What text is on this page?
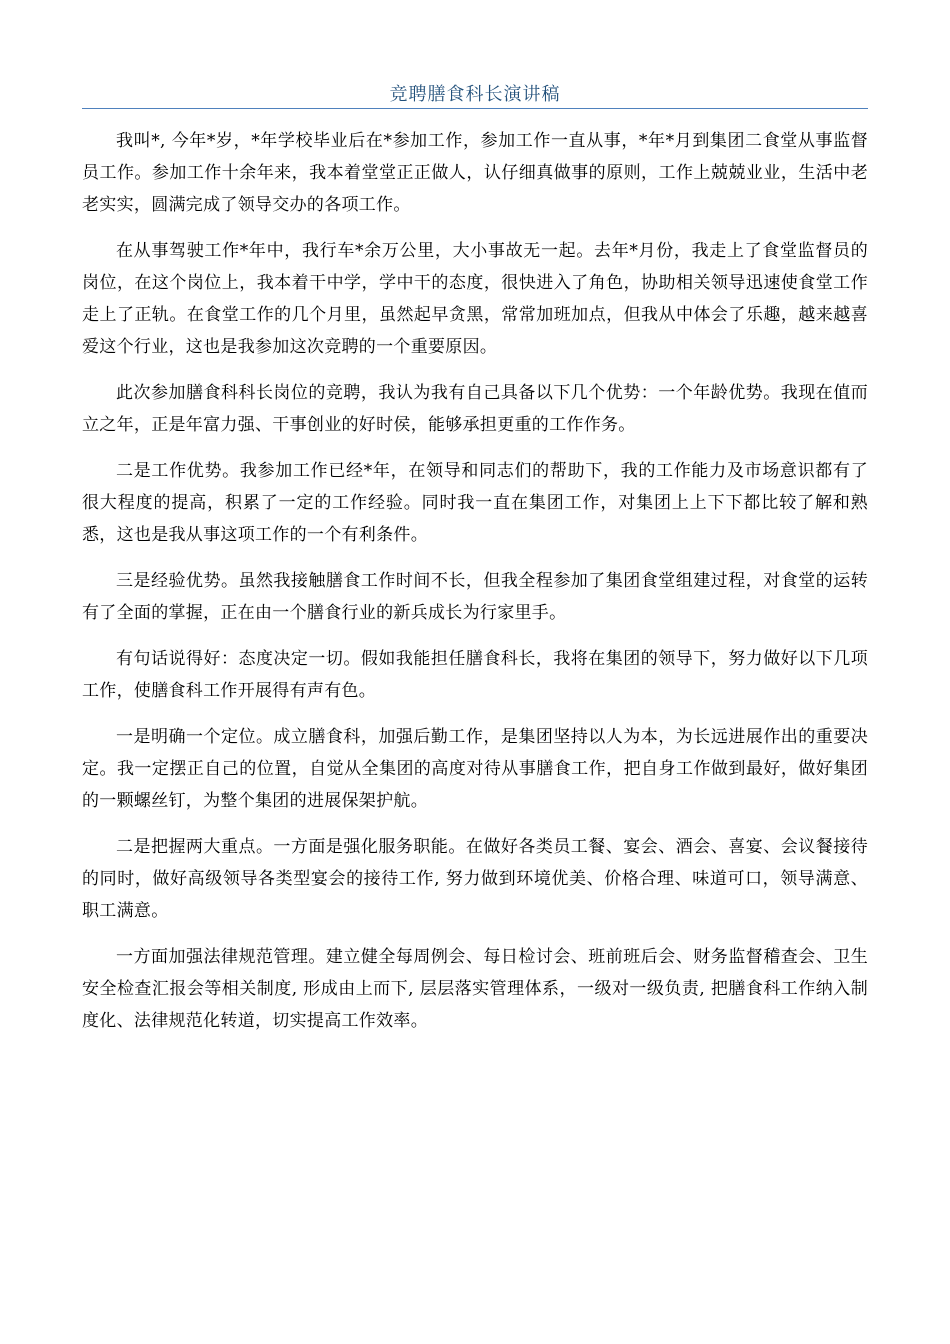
竞聘膳食科长演讲稿

我叫*, 今年*岁，*年学校毕业后在*参加工作，参加工作一直从事，*年*月到集团二食堂从事监督员工作。参加工作十余年来，我本着堂堂正正做人，认仔细真做事的原则，工作上兢兢业业，生活中老老实实，圆满完成了领导交办的各项工作。

在从事驾驶工作*年中，我行车*余万公里，大小事故无一起。去年*月份，我走上了食堂监督员的岗位，在这个岗位上，我本着干中学，学中干的态度，很快进入了角色，协助相关领导迅速使食堂工作走上了正轨。在食堂工作的几个月里，虽然起早贪黑，常常加班加点，但我从中体会了乐趣，越来越喜爱这个行业，这也是我参加这次竞聘的一个重要原因。

此次参加膳食科科长岗位的竞聘，我认为我有自己具备以下几个优势：一个年龄优势。我现在值而立之年，正是年富力强、干事创业的好时侯，能够承担更重的工作作务。

二是工作优势。我参加工作已经*年，在领导和同志们的帮助下，我的工作能力及市场意识都有了很大程度的提高，积累了一定的工作经验。同时我一直在集团工作，对集团上上下下都比较了解和熟悉，这也是我从事这项工作的一个有利条件。

三是经验优势。虽然我接触膳食工作时间不长，但我全程参加了集团食堂组建过程，对食堂的运转有了全面的掌握，正在由一个膳食行业的新兵成长为行家里手。

有句话说得好：态度决定一切。假如我能担任膳食科长，我将在集团的领导下，努力做好以下几项工作，使膳食科工作开展得有声有色。

一是明确一个定位。成立膳食科，加强后勤工作，是集团坚持以人为本，为长远进展作出的重要决定。我一定摆正自己的位置，自觉从全集团的高度对待从事膳食工作，把自身工作做到最好，做好集团的一颗螺丝钉，为整个集团的进展保架护航。

二是把握两大重点。一方面是强化服务职能。在做好各类员工餐、宴会、酒会、喜宴、会议餐接待的同时，做好高级领导各类型宴会的接待工作, 努力做到环境优美、价格合理、味道可口，领导满意、职工满意。

一方面加强法律规范管理。建立健全每周例会、每日检讨会、班前班后会、财务监督稽查会、卫生安全检查汇报会等相关制度, 形成由上而下, 层层落实管理体系，一级对一级负责, 把膳食科工作纳入制度化、法律规范化转道，切实提高工作效率。
